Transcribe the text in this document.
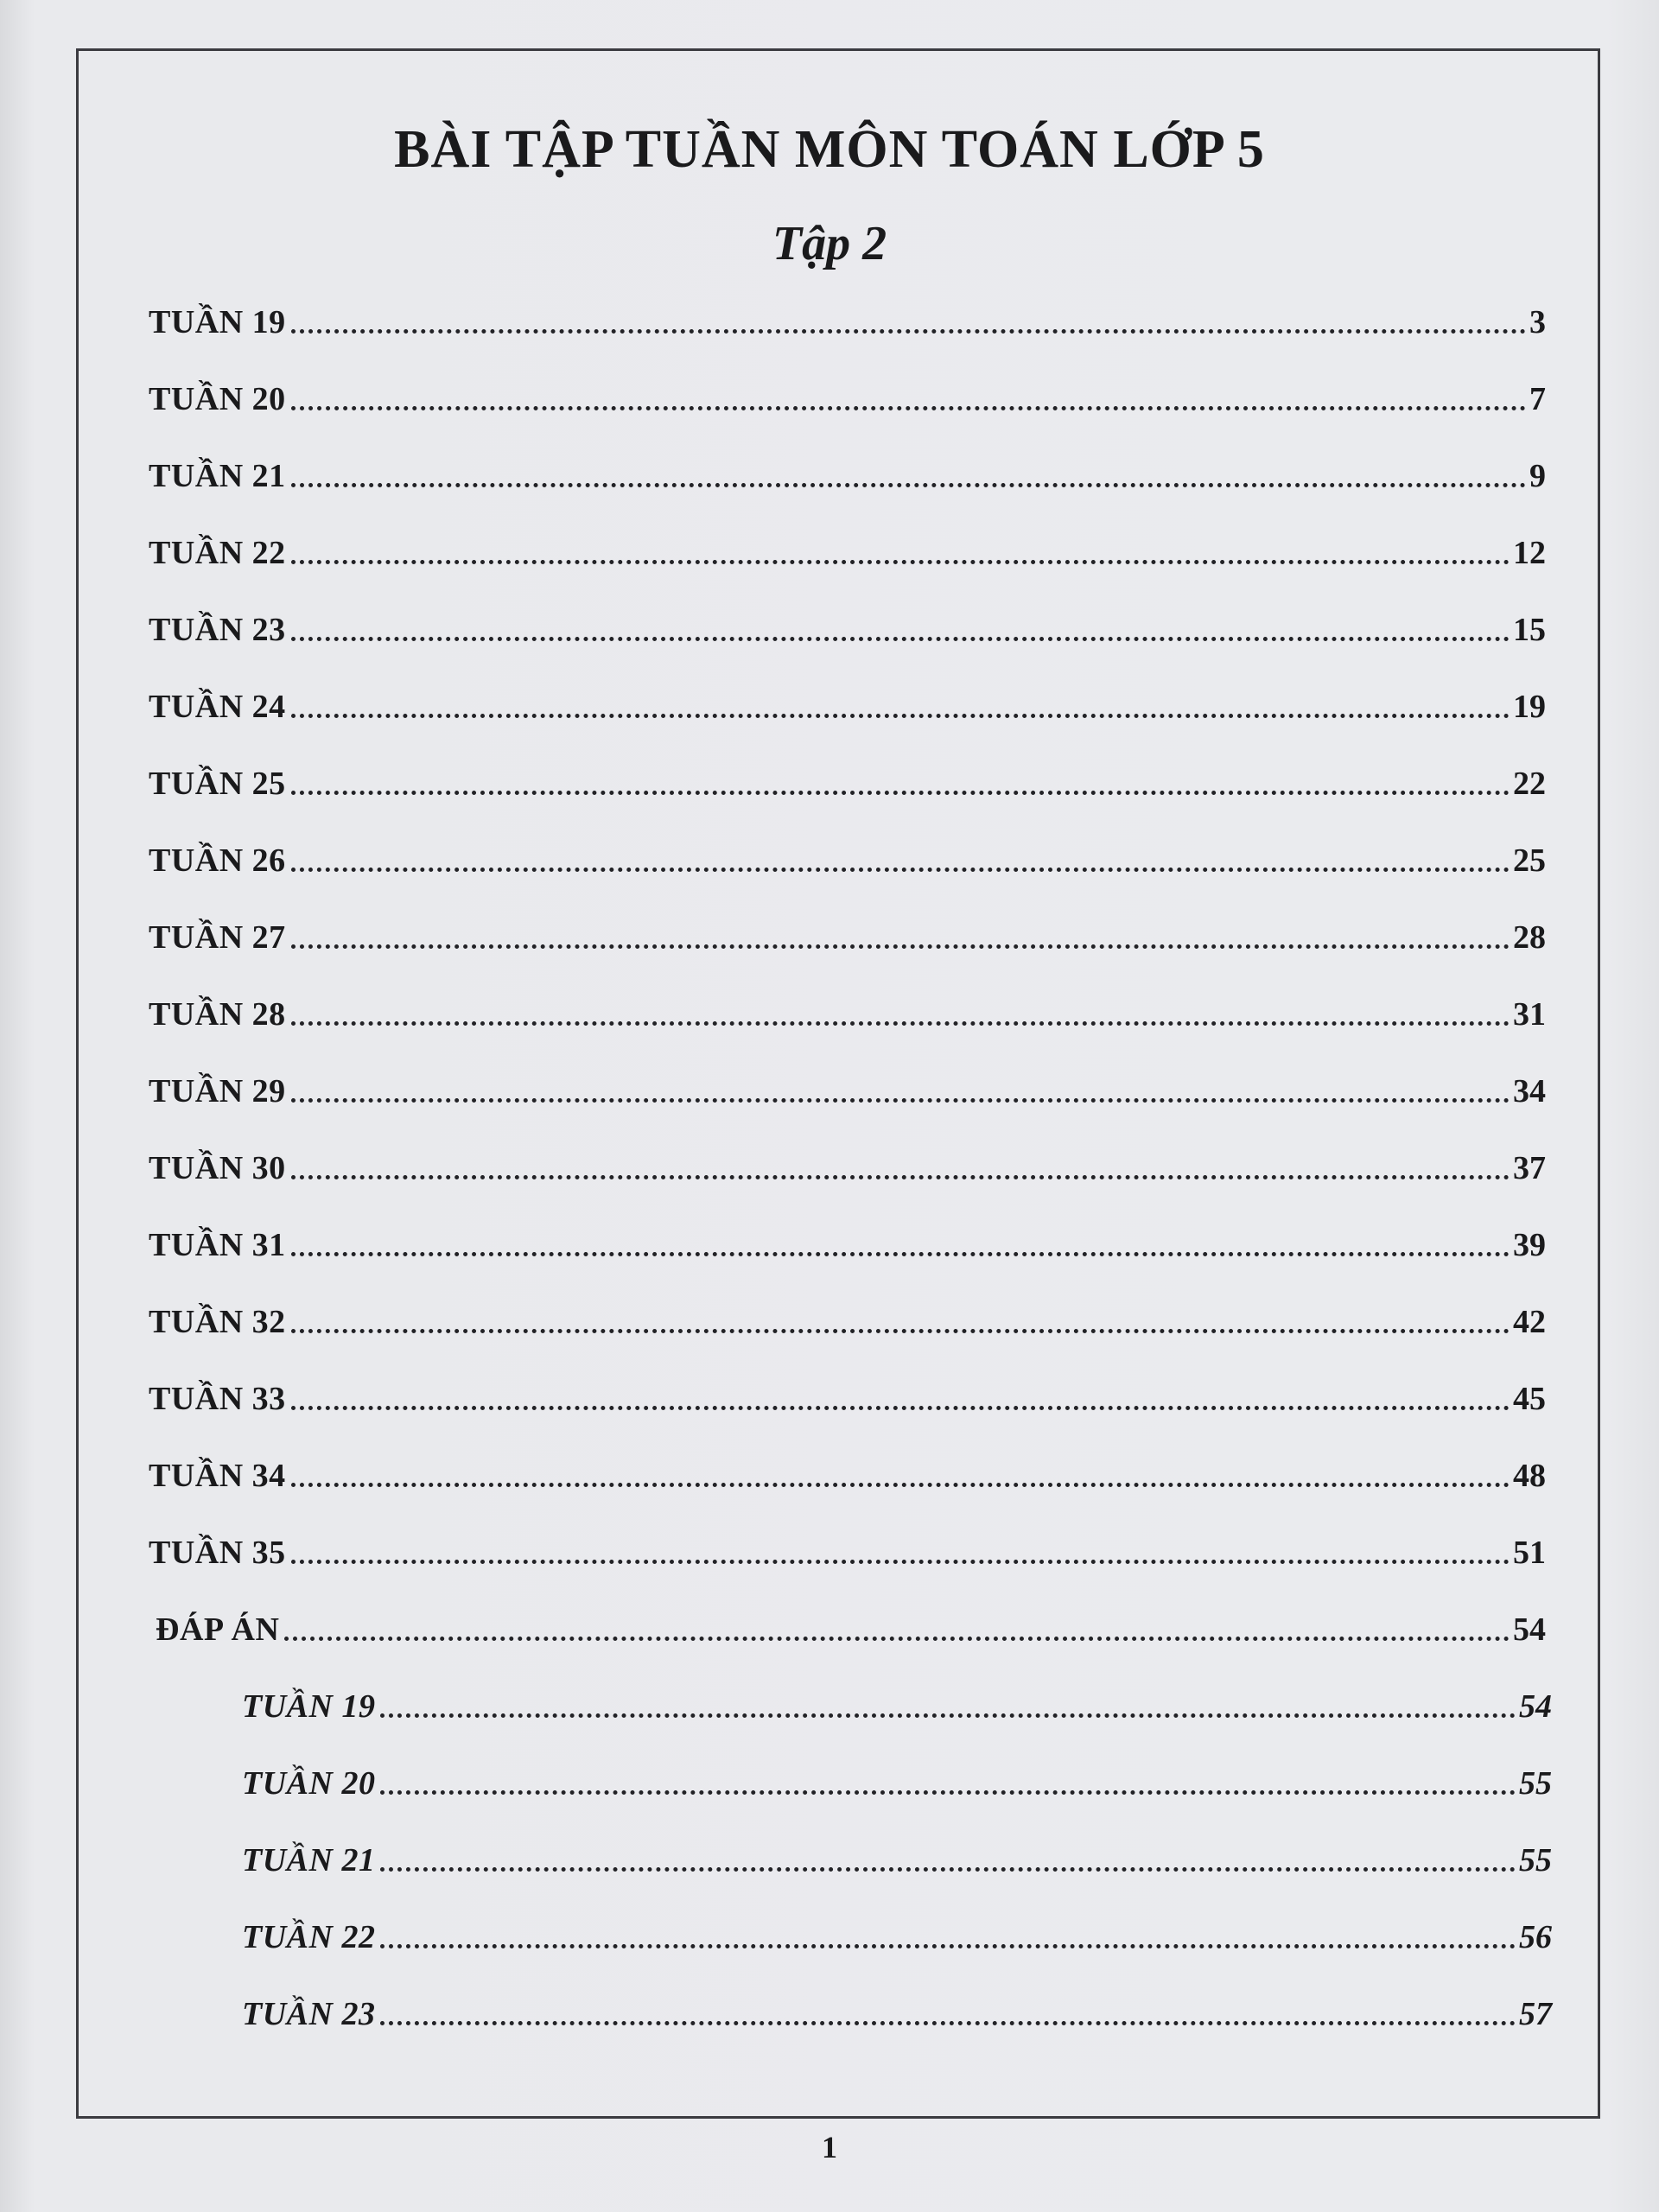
BÀI TẬP TUẦN MÔN TOÁN LỚP 5
Tập 2
TUẦN 19	3
TUẦN 20	7
TUẦN 21	9
TUẦN 22	12
TUẦN 23	15
TUẦN 24	19
TUẦN 25	22
TUẦN 26	25
TUẦN 27	28
TUẦN 28	31
TUẦN 29	34
TUẦN 30	37
TUẦN 31	39
TUẦN 32	42
TUẦN 33	45
TUẦN 34	48
TUẦN 35	51
ĐÁP ÁN	54
TUẦN 19	54
TUẦN 20	55
TUẦN 21	55
TUẦN 22	56
TUẦN 23	57
1
